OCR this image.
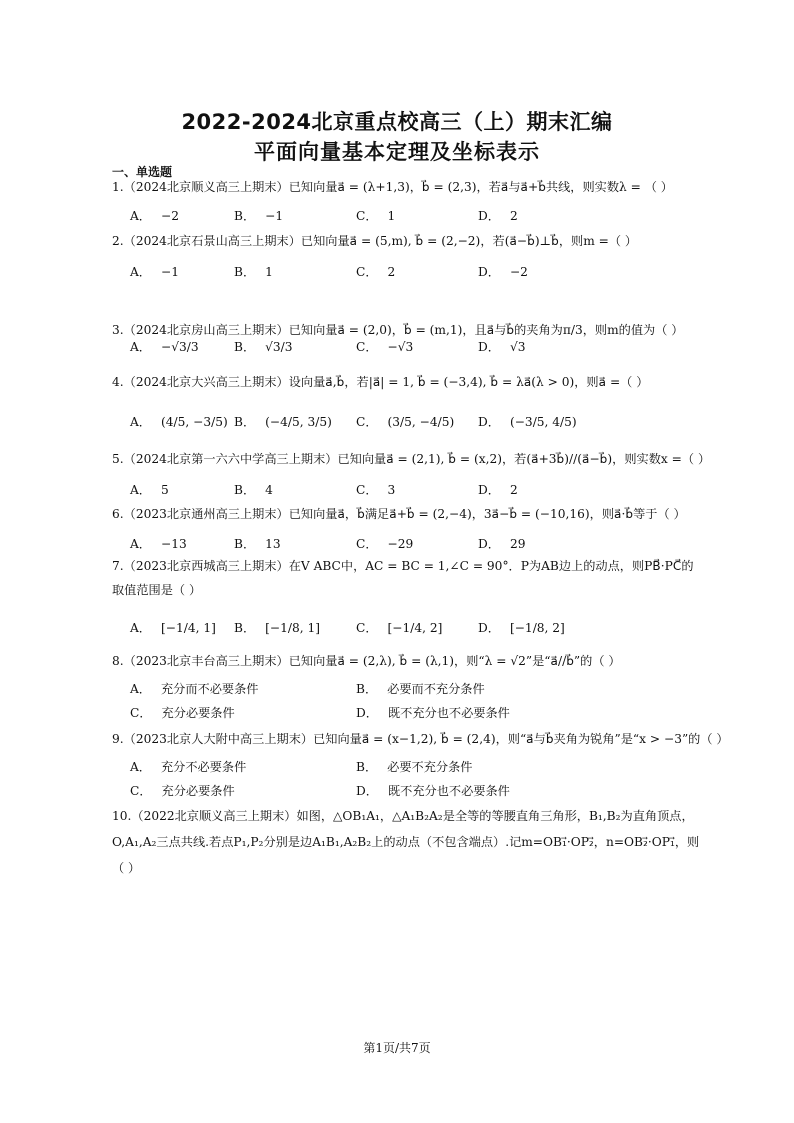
2022-2024北京重点校高三（上）期末汇编
平面向量基本定理及坐标表示
一、单选题
1.（2024北京顺义高三上期末）已知向量a⃗ = (λ+1,3)，b⃗ = (2,3)，若a⃗与a⃗+b⃗共线，则实数λ = （ ）
A． −2	B． −1	C． 1	D． 2
2.（2024北京石景山高三上期末）已知向量a⃗ = (5,m), b⃗ = (2,−2)，若(a⃗−b⃗)⊥b⃗，则m =（ ）
A． −1	B． 1	C． 2	D． −2
3.（2024北京房山高三上期末）已知向量a⃗ = (2,0)，b⃗ = (m,1)，且a⃗与b⃗的夹角为π/3，则m的值为（ ）
A． −√3/3	B． √3/3	C． −√3	D． √3
4.（2024北京大兴高三上期末）设向量a⃗,b⃗，若|a⃗| = 1, b⃗ = (−3,4), b⃗ = λa⃗(λ > 0)，则a⃗ =（ ）
A． (4/5, −3/5) B． (−4/5, 3/5) C． (3/5, −4/5) D． (−3/5, 4/5)
5.（2024北京第一六六中学高三上期末）已知向量a⃗ = (2,1), b⃗ = (x,2)，若(a⃗+3b⃗)//(a⃗−b⃗)，则实数x =（ ）
A． 5	B． 4	C． 3	D． 2
6.（2023北京通州高三上期末）已知向量a⃗，b⃗满足a⃗+b⃗ = (2,−4)，3a⃗−b⃗ = (−10,16)，则a⃗·b⃗等于（ ）
A． −13	B． 13	C． −29	D． 29
7.（2023北京西城高三上期末）在V ABC中，AC = BC = 1,∠C = 90°．P为AB边上的动点，则PB⃗·PC⃗的
取值范围是（ ）
A． [−1/4, 1] B． [−1/8, 1]	C． [−1/4, 2]	D． [−1/8, 2]
8.（2023北京丰台高三上期末）已知向量a⃗ = (2,λ), b⃗ = (λ,1)，则“λ = √2”是“a⃗//b⃗”的（ ）
A． 充分而不必要条件	B． 必要而不充分条件
C． 充分必要条件	D． 既不充分也不必要条件
9.（2023北京人大附中高三上期末）已知向量a⃗ = (x−1,2), b⃗ = (2,4)，则“a⃗与b⃗夹角为锐角”是“x > −3”的（ ）
A． 充分不必要条件	B． 必要不充分条件
C． 充分必要条件	D． 既不充分也不必要条件
10.（2022北京顺义高三上期末）如图，△OB₁A₁，△A₁B₂A₂是全等的等腰直角三角形，B₁,B₂为直角顶点，
O,A₁,A₂三点共线.若点P₁,P₂分别是边A₁B₁,A₂B₂上的动点（不包含端点）.记m=OB₁⃗·OP₂⃗，n=OB₂⃗·OP₁⃗，则
（ ）
第1页/共7页
